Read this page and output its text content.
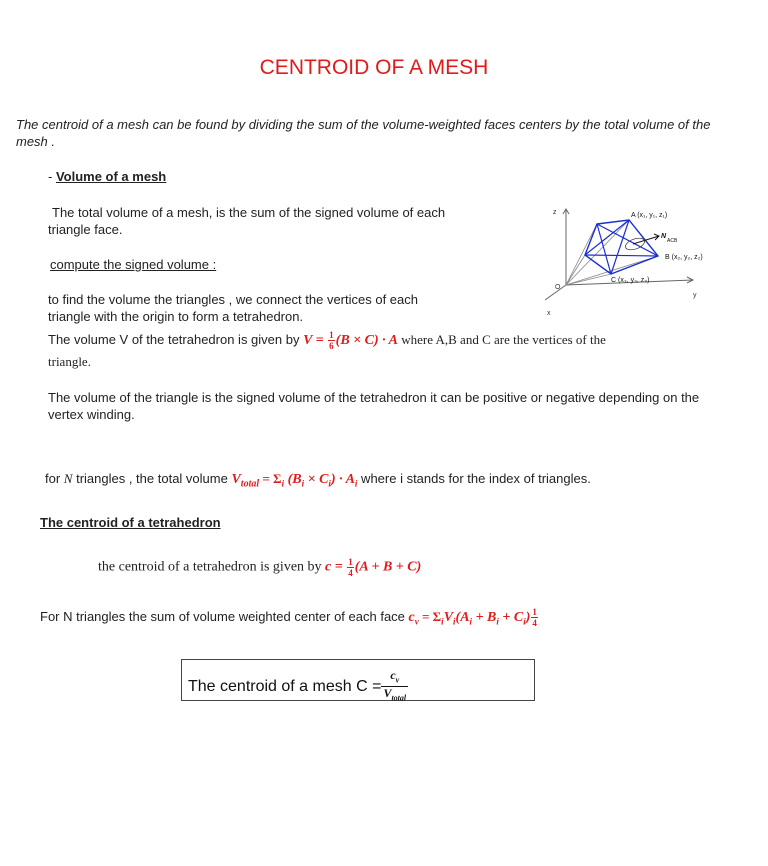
CENTROID OF A MESH
The centroid of a mesh can be found by dividing the sum of the volume-weighted faces centers by the total volume of the mesh .
- Volume of a mesh
The total volume of a mesh, is the sum of the signed volume of each triangle face.
compute the signed volume :
to find the volume the triangles , we connect the vertices of each triangle with the origin to form a tetrahedron.
The volume V of the tetrahedron is given by $V = \frac{1}{6} (B \times C) \cdot A$ where A,B and C are the vertices of the
triangle.
The volume of the triangle is the signed volume of the tetrahedron it can be positive or negative depending on the vertex winding.
for N triangles , the total volume $V_{total} = \Sigma_i$ $(B_i \times C_i) \cdot A_i$ where i stands for the index of triangles.
The centroid of a tetrahedron
the centroid of a tetrahedron is given by $c = \frac{1}{4} (A + B + C)$
For N triangles the sum of volume weighted center of each face $c_v = \Sigma_iV_i(A_i + B_i + C_i) \frac{1}{4}$
The centroid of a mesh $C = \frac{c_v}{V_{total}}$
z
x
y
O
A (x₁, y₁, z₁)
N
ACB
B (x₂, y₂, z₂)
C (x₃, y₃, z₃)
